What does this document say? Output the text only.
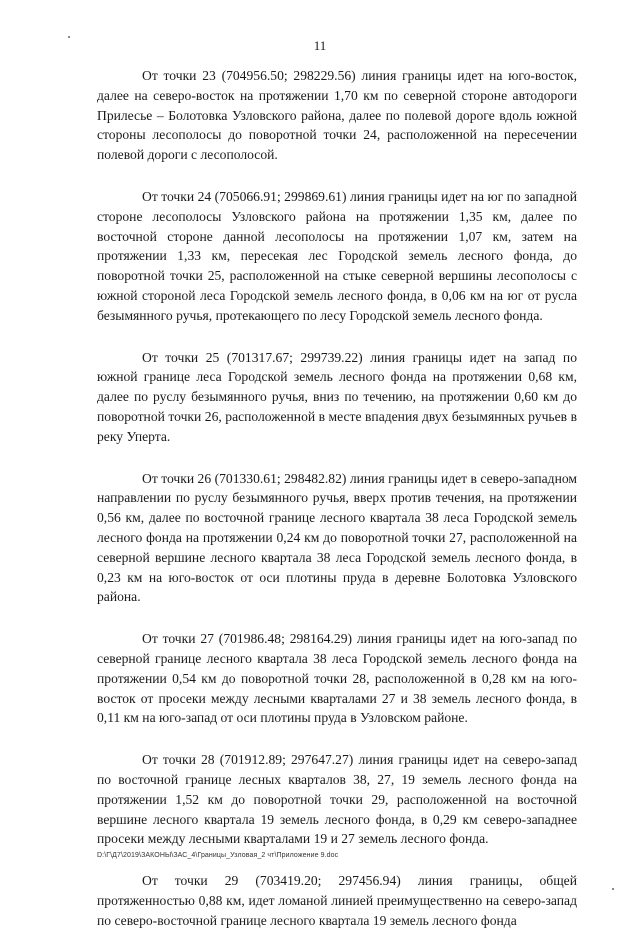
11

От точки 23 (704956.50; 298229.56) линия границы идет на юго-восток, далее на северо-восток на протяжении 1,70 км по северной стороне автодороги Прилесье – Болотовка Узловского района, далее по полевой дороге вдоль южной стороны лесополосы до поворотной точки 24, расположенной на пересечении полевой дороги с лесополосой.

От точки 24 (705066.91; 299869.61) линия границы идет на юг по западной стороне лесополосы Узловского района на протяжении 1,35 км, далее по восточной стороне данной лесополосы на протяжении 1,07 км, затем на протяжении 1,33 км, пересекая лес Городской земель лесного фонда, до поворотной точки 25, расположенной на стыке северной вершины лесополосы с южной стороной леса Городской земель лесного фонда, в 0,06 км на юг от русла безымянного ручья, протекающего по лесу Городской земель лесного фонда.

От точки 25 (701317.67; 299739.22) линия границы идет на запад по южной границе леса Городской земель лесного фонда на протяжении 0,68 км, далее по руслу безымянного ручья, вниз по течению, на протяжении 0,60 км до поворотной точки 26, расположенной в месте впадения двух безымянных ручьев в реку Уперта.

От точки 26 (701330.61; 298482.82) линия границы идет в северо-западном направлении по руслу безымянного ручья, вверх против течения, на протяжении 0,56 км, далее по восточной границе лесного квартала 38 леса Городской земель лесного фонда на протяжении 0,24 км до поворотной точки 27, расположенной на северной вершине лесного квартала 38 леса Городской земель лесного фонда, в 0,23 км на юго-восток от оси плотины пруда в деревне Болотовка Узловского района.

От точки 27 (701986.48; 298164.29) линия границы идет на юго-запад по северной границе лесного квартала 38 леса Городской земель лесного фонда на протяжении 0,54 км до поворотной точки 28, расположенной в 0,28 км на юго-восток от просеки между лесными кварталами 27 и 38 земель лесного фонда, в 0,11 км на юго-запад от оси плотины пруда в Узловском районе.

От точки 28 (701912.89; 297647.27) линия границы идет на северо-запад по восточной границе лесных кварталов 38, 27, 19 земель лесного фонда на протяжении 1,52 км до поворотной точки 29, расположенной на восточной вершине лесного квартала 19 земель лесного фонда, в 0,29 км северо-западнее просеки между лесными кварталами 19 и 27 земель лесного фонда.

От точки 29 (703419.20; 297456.94) линия границы, общей протяженностью 0,88 км, идет ломаной линией преимущественно на северо-запад по северо-восточной границе лесного квартала 19 земель лесного фонда

D:\Г\Д7\2019\ЗАКОНЫ\ЗАС_4\Границы_Узловая_2 чт\Приложение 9.doc
